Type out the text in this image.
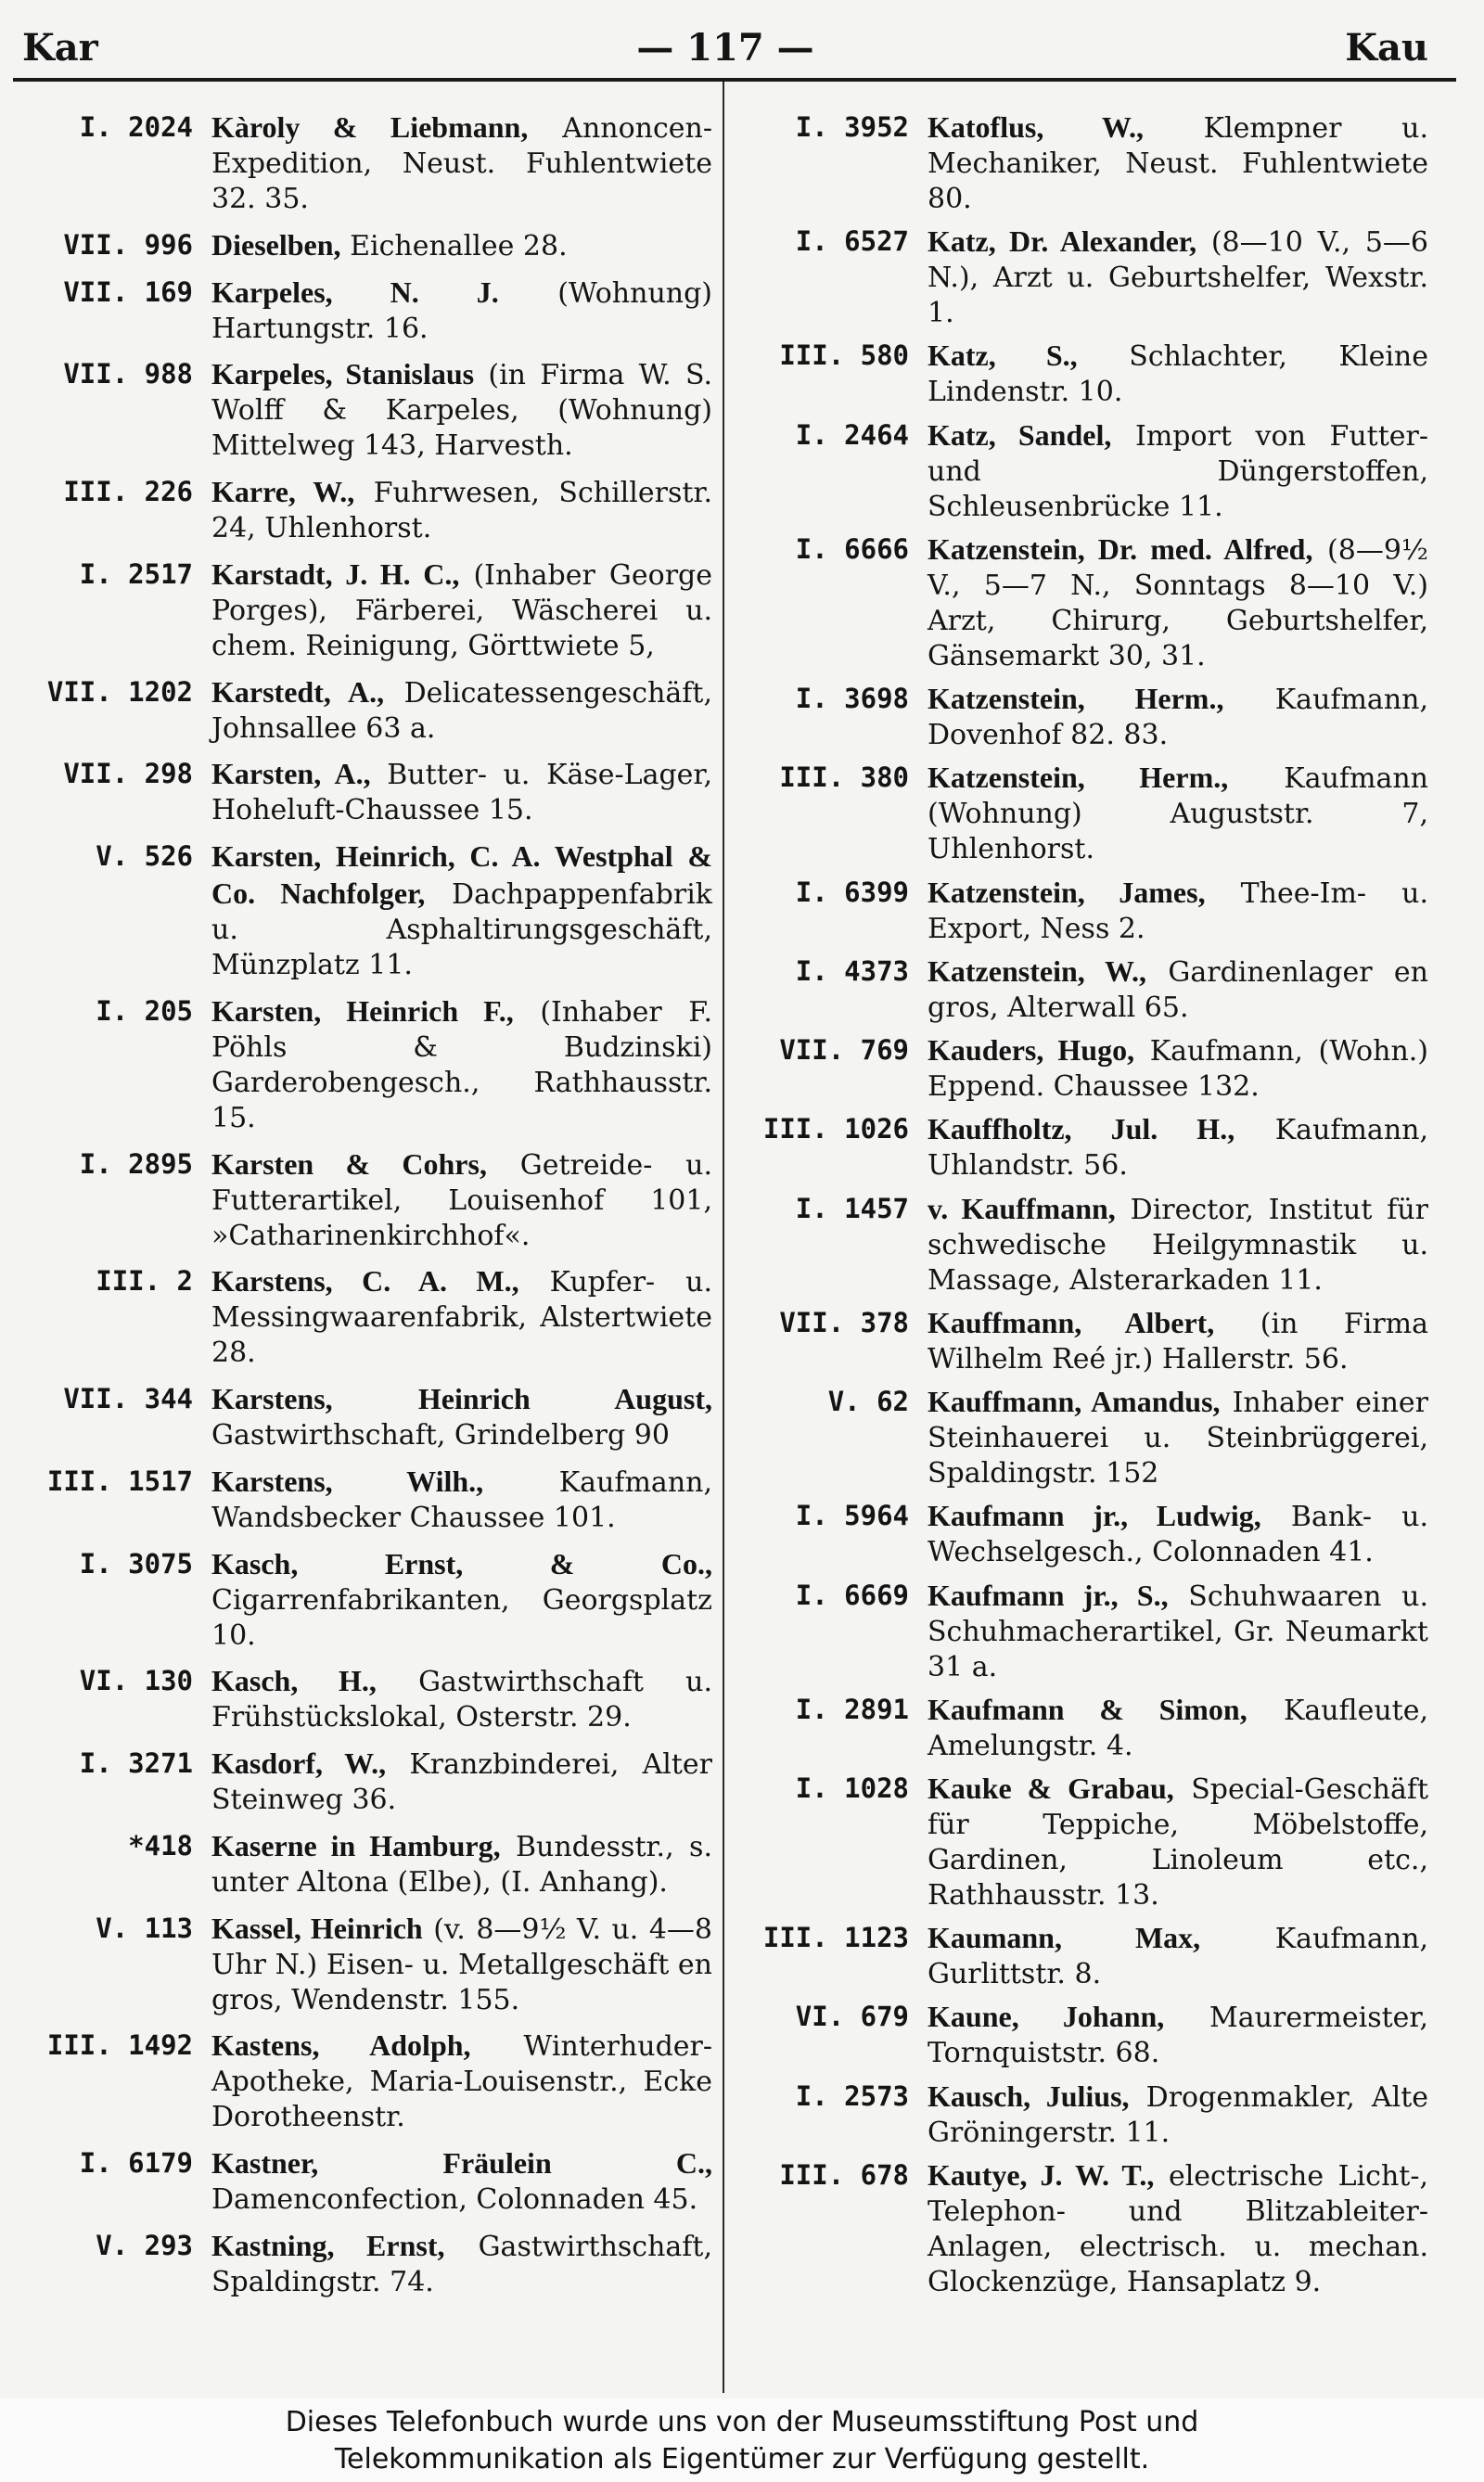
Kar	— 117 —	Kau
I. 2024 Kàroly & Liebmann, Annoncen-Expedition, Neust. Fuhlentwiete 32. 35.
VII. 996 Dieselben, Eichenallee 28.
VII. 169 Karpeles, N. J. (Wohnung) Hartungstr. 16.
VII. 988 Karpeles, Stanislaus (in Firma W. S. Wolff & Karpeles, (Wohnung) Mittelweg 143, Harvesth.
III. 226 Karre, W., Fuhrwesen, Schillerstr. 24, Uhlenhorst.
I. 2517 Karstadt, J. H. C., (Inhaber George Porges), Färberei, Wäscherei u. chem. Reinigung, Görttwiete 5,
VII. 1202 Karstedt, A., Delicatessengeschäft, Johnsallee 63 a.
VII. 298 Karsten, A., Butter- u. Käse-Lager, Hoheluft-Chaussee 15.
V. 526 Karsten, Heinrich, C. A. Westphal & Co. Nachfolger, Dachpappenfabrik u. Asphaltirungsgeschäft, Münzplatz 11.
I. 205 Karsten, Heinrich F., (Inhaber F. Pöhls & Budzinski) Garderobengesch., Rathhausstr. 15.
I. 2895 Karsten & Cohrs, Getreide- u. Futterartikel, Louisenhof 101, »Catharinenkirchhof«.
III. 2 Karstens, C. A. M., Kupfer- u. Messingwaarenfabrik, Alstertwiete 28.
VII. 344 Karstens, Heinrich August, Gastwirthschaft, Grindelberg 90
III. 1517 Karstens, Wilh.,	Kaufmann, Wandsbecker Chaussee 101.
I. 3075 Kasch, Ernst, & Co., Cigarrenfabrikanten, Georgsplatz 10.
VI. 130 Kasch, H., Gastwirthschaft u. Frühstückslokal, Osterstr. 29.
I. 3271 Kasdorf, W., Kranzbinderei, Alter Steinweg 36.
*418 Kaserne in Hamburg, Bundesstr., s. unter Altona (Elbe), (I. Anhang).
V. 113 Kassel, Heinrich (v. 8—9½ V. u. 4—8 Uhr N.) Eisen- u. Metallgeschäft en gros, Wendenstr. 155.
III. 1492 Kastens, Adolph, Winterhuder-Apotheke, Maria-Louisenstr., Ecke Dorotheenstr.
I. 6179 Kastner, Fräulein C., Damenconfection, Colonnaden 45.
V. 293 Kastning, Ernst, Gastwirthschaft, Spaldingstr. 74.
I. 3952 Katoflus, W., Klempner u. Mechaniker, Neust. Fuhlentwiete 80.
I. 6527 Katz, Dr. Alexander, (8—10 V., 5—6 N.), Arzt u. Geburtshelfer, Wexstr. 1.
III. 580 Katz, S., Schlachter, Kleine Lindenstr. 10.
I. 2464 Katz, Sandel, Import von Futter- und Düngerstoffen, Schleusenbrücke 11.
I. 6666 Katzenstein, Dr. med. Alfred, (8—9½ V., 5—7 N., Sonntags 8—10 V.) Arzt, Chirurg, Geburtshelfer, Gänsemarkt 30, 31.
I. 3698 Katzenstein, Herm., Kaufmann, Dovenhof 82. 83.
III. 380 Katzenstein, Herm., Kaufmann (Wohnung) Auguststr. 7, Uhlenhorst.
I. 6399 Katzenstein, James, Thee-Im- u. Export, Ness 2.
I. 4373 Katzenstein, W., Gardinenlager en gros, Alterwall 65.
VII. 769 Kauders, Hugo, Kaufmann, (Wohn.) Eppend. Chaussee 132.
III. 1026 Kauffholtz, Jul. H., Kaufmann, Uhlandstr. 56.
I. 1457 v. Kauffmann, Director, Institut für schwedische Heilgymnastik u. Massage, Alsterarkaden 11.
VII. 378 Kauffmann, Albert, (in Firma Wilhelm Reé jr.) Hallerstr. 56.
V. 62 Kauffmann, Amandus, Inhaber einer Steinhauerei u. Steinbrüggerei, Spaldingstr. 152
I. 5964 Kaufmann jr., Ludwig, Bank- u. Wechselgesch., Colonnaden 41.
I. 6669 Kaufmann jr., S., Schuhwaaren u. Schuhmacherartikel, Gr. Neumarkt 31 a.
I. 2891 Kaufmann & Simon, Kaufleute, Amelungstr. 4.
I. 1028 Kauke & Grabau, Special-Geschäft für Teppiche, Möbelstoffe, Gardinen, Linoleum etc., Rathhausstr. 13.
III. 1123 Kaumann, Max,	Kaufmann, Gurlittstr. 8.
VI. 679 Kaune, Johann, Maurermeister, Tornquiststr. 68.
I. 2573 Kausch, Julius, Drogenmakler, Alte Gröningerstr. 11.
III. 678 Kautye, J. W. T., electrische Licht-, Telephon- und Blitzableiter-Anlagen, electrisch. u. mechan. Glockenzüge, Hansaplatz 9.
Dieses Telefonbuch wurde uns von der Museumsstiftung Post und
Telekommunikation als Eigentümer zur Verfügung gestellt.
